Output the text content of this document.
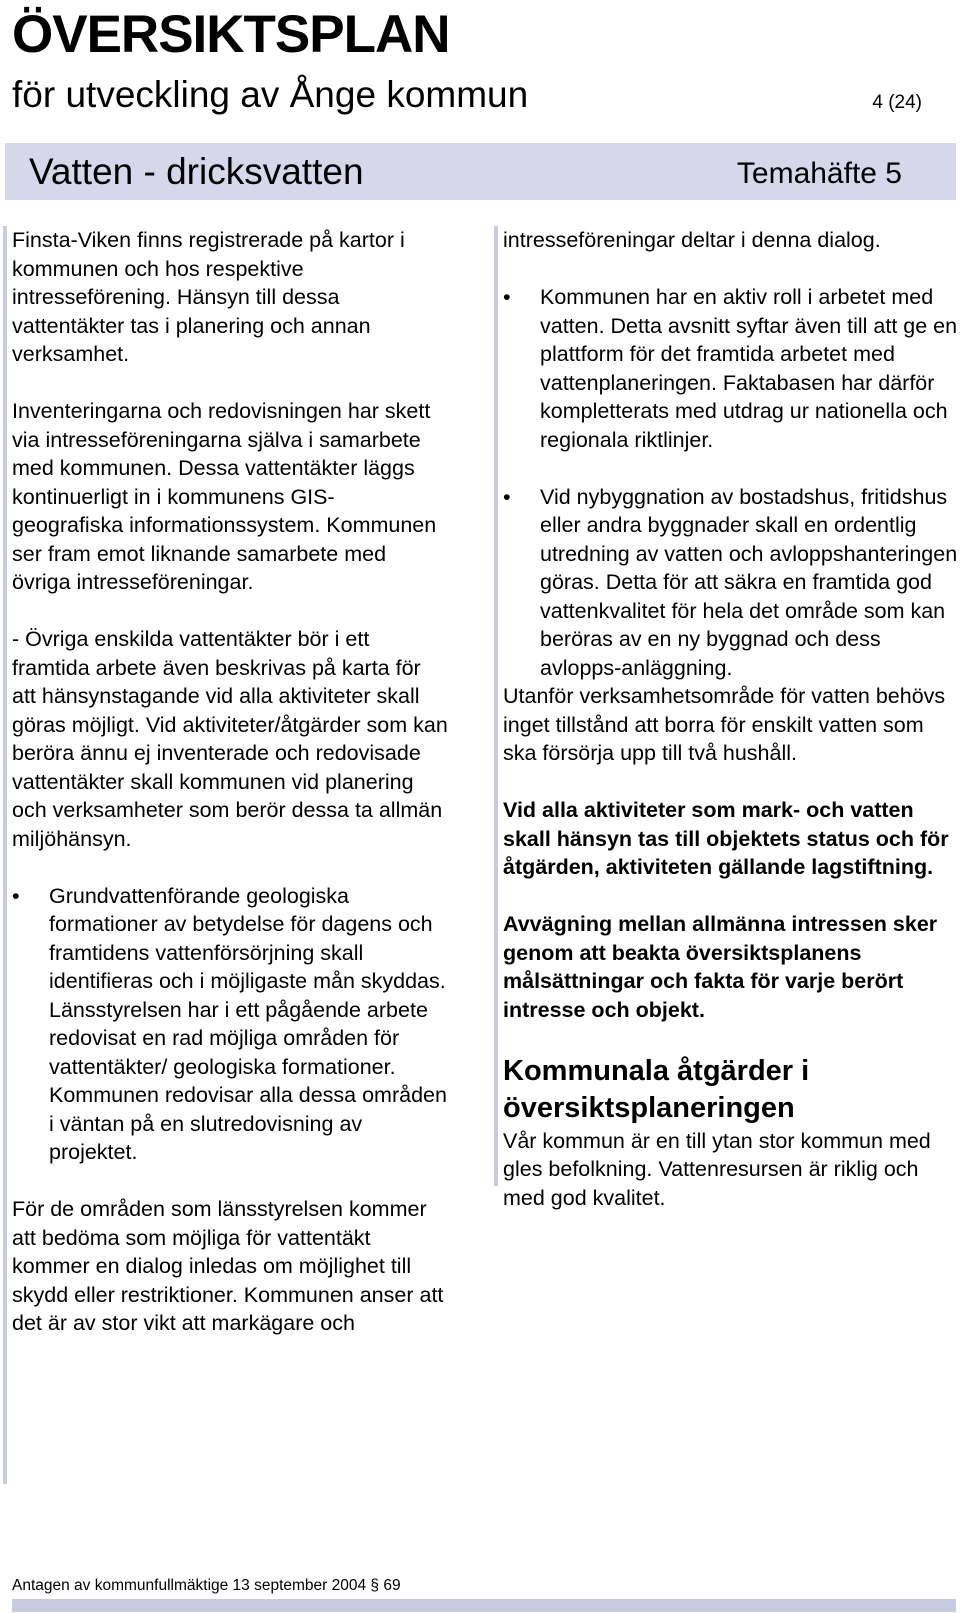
ÖVERSIKTSPLAN
för utveckling av Ånge kommun	4 (24)
Vatten - dricksvatten	Temahäfte 5

Finsta-Viken finns registrerade på kartor i kommunen och hos respektive intresseförening. Hänsyn till dessa vattentäkter tas i planering och annan verksamhet.

Inventeringarna och redovisningen har skett via intresseföreningarna själva i samarbete med kommunen. Dessa vattentäkter läggs kontinuerligt in i kommunens GIS- geografiska informationssystem. Kommunen ser fram emot liknande samarbete med övriga intresseföreningar.

- Övriga enskilda vattentäkter bör i ett framtida arbete även beskrivas på karta för att hänsynstagande vid alla aktiviteter skall göras möjligt. Vid aktiviteter/åtgärder som kan beröra ännu ej inventerade och redovisade vattentäkter skall kommunen vid planering och verksamheter som berör dessa ta allmän miljöhänsyn.

• Grundvattenförande geologiska formationer av betydelse för dagens och framtidens vattenförsörjning skall identifieras och i möjligaste mån skyddas. Länsstyrelsen har i ett pågående arbete redovisat en rad möjliga områden för vattentäkter/ geologiska formationer. Kommunen redovisar alla dessa områden i väntan på en slutredovisning av projektet.

För de områden som länsstyrelsen kommer att bedöma som möjliga för vattentäkt kommer en dialog inledas om möjlighet till skydd eller restriktioner. Kommunen anser att det är av stor vikt att markägare och

intresseföreningar deltar i denna dialog.

• Kommunen har en aktiv roll i arbetet med vatten. Detta avsnitt syftar även till att ge en plattform för det framtida arbetet med vattenplaneringen. Faktabasen har därför kompletterats med utdrag ur nationella och regionala riktlinjer.

• Vid nybyggnation av bostadshus, fritidshus eller andra byggnader skall en ordentlig utredning av vatten och avloppshanteringen göras. Detta för att säkra en framtida god vattenkvalitet för hela det område som kan beröras av en ny byggnad och dess avlopps-anläggning.

Utanför verksamhetsområde för vatten behövs inget tillstånd att borra för enskilt vatten som ska försörja upp till två hushåll.

Vid alla aktiviteter som mark- och vatten skall hänsyn tas till objektets status och för åtgärden, aktiviteten gällande lagstiftning.

Avvägning mellan allmänna intressen sker genom att beakta översiktsplanens målsättningar och fakta för varje berört intresse och objekt.

Kommunala åtgärder i översiktsplaneringen

Vår kommun är en till ytan stor kommun med gles befolkning. Vattenresursen är riklig och med god kvalitet.

Antagen av kommunfullmäktige 13 september 2004 § 69
